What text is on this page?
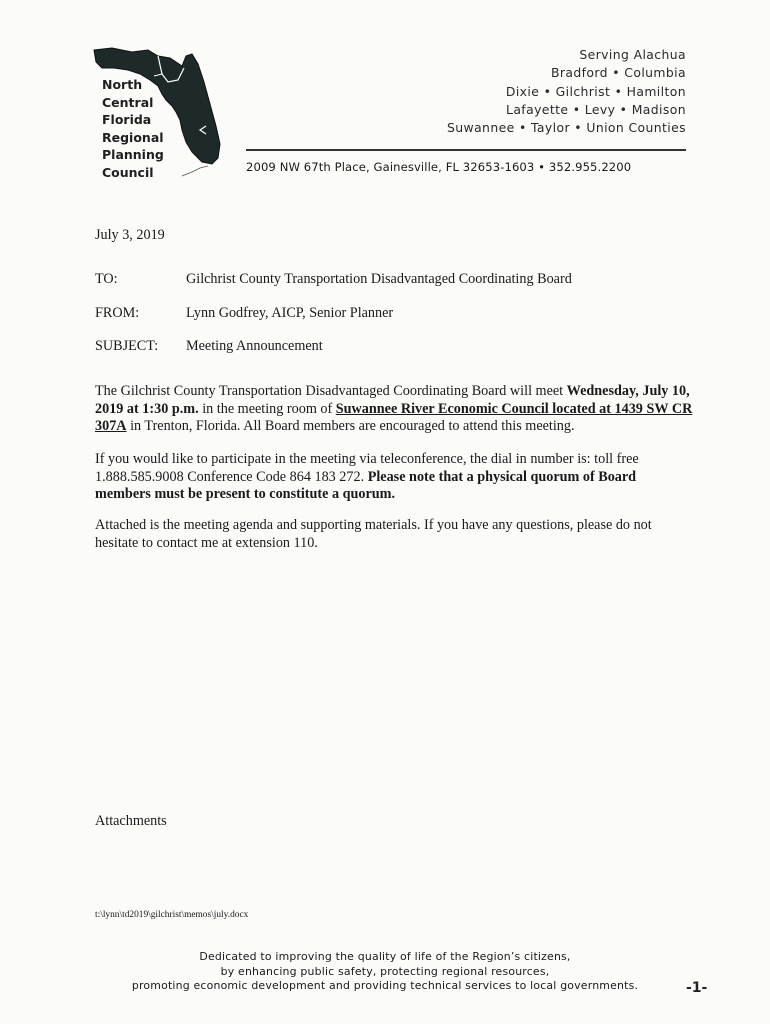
North
Central
Florida
Regional
Planning
Council
Serving Alachua
Bradford • Columbia
Dixie • Gilchrist • Hamilton
Lafayette • Levy • Madison
Suwannee • Taylor • Union Counties
2009 NW 67th Place, Gainesville, FL 32653-1603 • 352.955.2200
July 3, 2019
TO:	Gilchrist County Transportation Disadvantaged Coordinating Board
FROM:	Lynn Godfrey, AICP, Senior Planner
SUBJECT: Meeting Announcement
The Gilchrist County Transportation Disadvantaged Coordinating Board will meet Wednesday, July 10, 2019 at 1:30 p.m. in the meeting room of Suwannee River Economic Council located at 1439 SW CR 307A in Trenton, Florida. All Board members are encouraged to attend this meeting.
If you would like to participate in the meeting via teleconference, the dial in number is: toll free 1.888.585.9008 Conference Code 864 183 272. Please note that a physical quorum of Board members must be present to constitute a quorum.
Attached is the meeting agenda and supporting materials. If you have any questions, please do not hesitate to contact me at extension 110.
Attachments
t:\lynn\td2019\gilchrist\memos\july.docx
Dedicated to improving the quality of life of the Region’s citizens,
by enhancing public safety, protecting regional resources,
promoting economic development and providing technical services to local governments.	-1-
